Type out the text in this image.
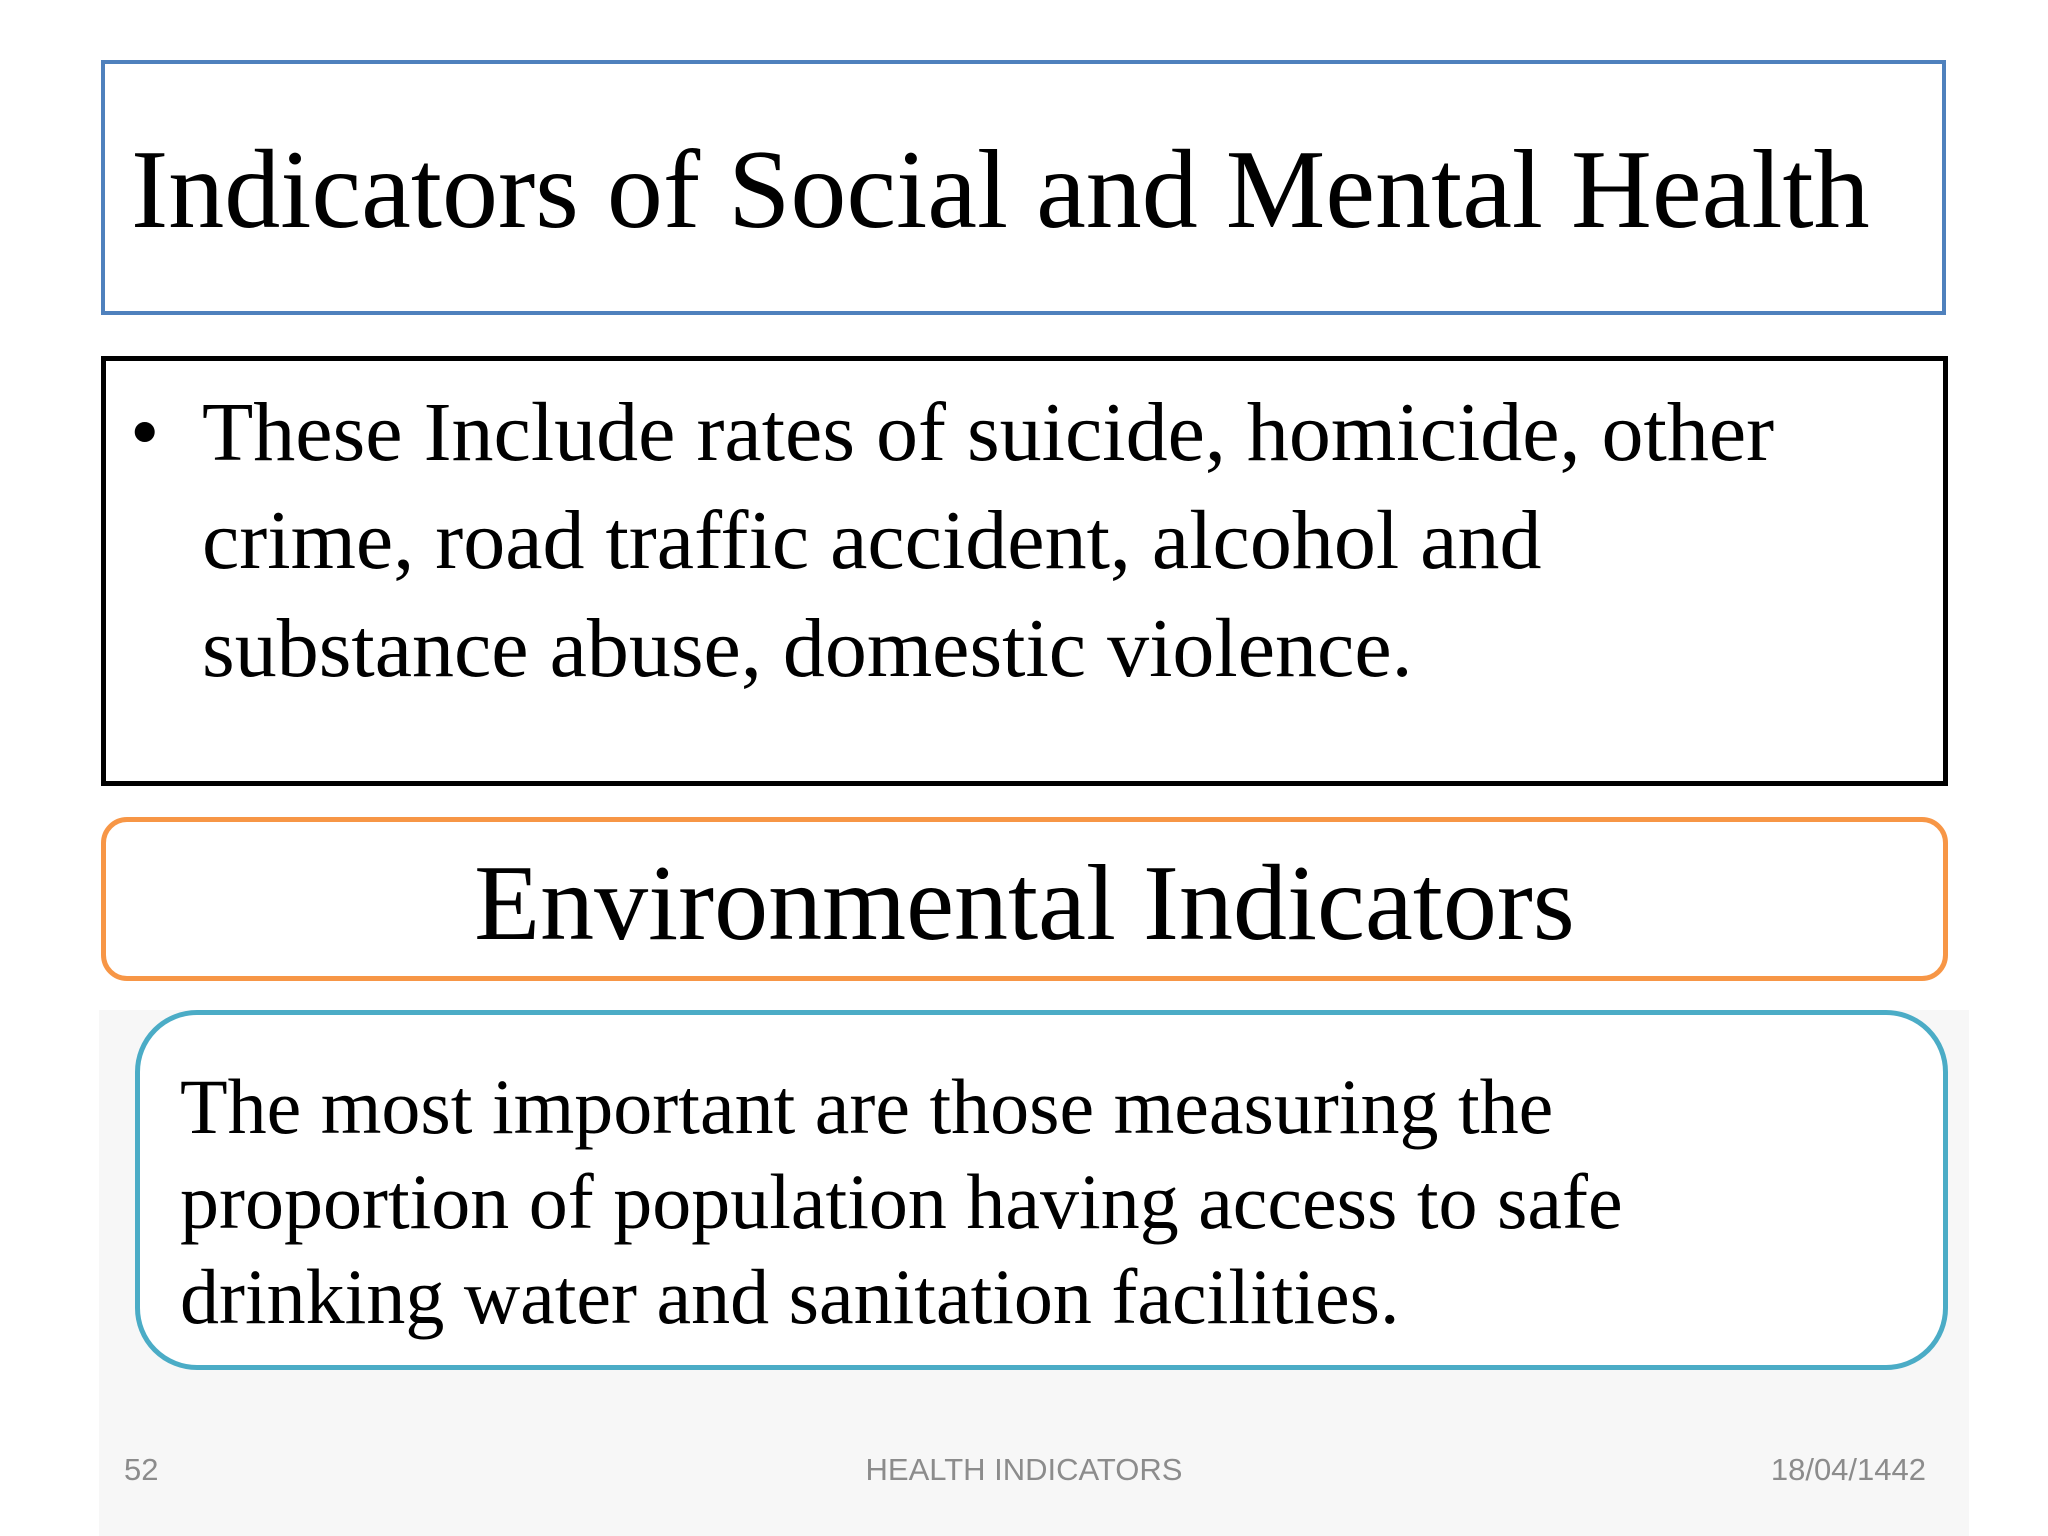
Indicators of Social and Mental Health
• These Include rates of suicide, homicide, other
crime, road traffic accident, alcohol and
substance abuse, domestic violence.
Environmental Indicators
The most important are those measuring the
proportion of population having access to safe
drinking water and sanitation facilities.
52	HEALTH INDICATORS	18/04/1442
